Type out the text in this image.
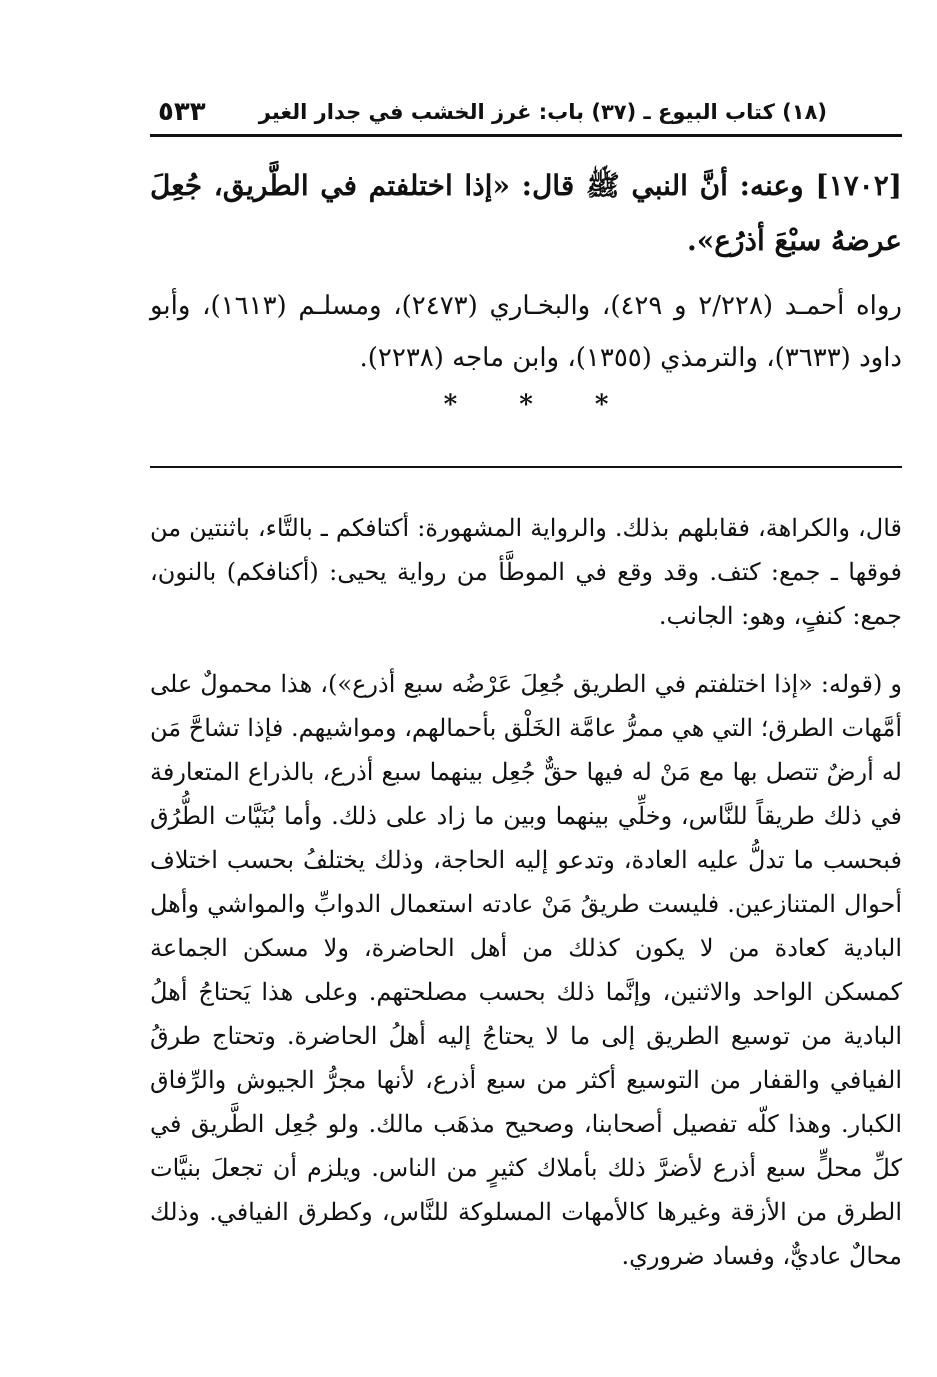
(١٨) كتاب البيوع ـ (٣٧) باب: غرز الخشب في جدار الغير
٥٣٣
[١٧٠٢] وعنه: أنَّ النبي ﷺ قال: «إذا اختلفتم في الطَّريق، جُعِلَ عرضهُ سبْعَ أذرُع».
رواه أحمـد (٢/٢٢٨ و ٤٢٩)، والبخـاري (٢٤٧٣)، ومسلـم (١٦١٣)، وأبو داود (٣٦٣٣)، والترمذي (١٣٥٥)، وابن ماجه (٢٢٣٨).
*
*
*

قال، والكراهة، فقابلهم بذلك. والرواية المشهورة: أكتافكم ـ بالتَّاء، باثنتين من فوقها ـ جمع: كتف. وقد وقع في الموطَّأ من رواية يحيى: (أكنافكم) بالنون، جمع: كنفٍ، وهو: الجانب.

و (قوله: «إذا اختلفتم في الطريق جُعِلَ عَرْضُه سبع أذرع»)، هذا محمولٌ على أمَّهات الطرق؛ التي هي ممرُّ عامَّة الخَلْق بأحمالهم، ومواشيهم. فإذا تشاحَّ مَن له أرضٌ تتصل بها مع مَنْ له فيها حقٌّ جُعِل بينهما سبع أذرع، بالذراع المتعارفة في ذلك طريقاً للنَّاس، وخلِّي بينهما وبين ما زاد على ذلك. وأما بُنَيَّات الطُّرُق فبحسب ما تدلُّ عليه العادة، وتدعو إليه الحاجة، وذلك يختلفُ بحسب اختلاف أحوال المتنازعين. فليست طريقُ مَنْ عادته استعمال الدوابِّ والمواشي وأهل البادية كعادة من لا يكون كذلك من أهل الحاضرة، ولا مسكن الجماعة كمسكن الواحد والاثنين، وإنَّما ذلك بحسب مصلحتهم. وعلى هذا يَحتاجُ أهلُ البادية من توسيع الطريق إلى ما لا يحتاجُ إليه أهلُ الحاضرة. وتحتاج طرقُ الفيافي والقفار من التوسيع أكثر من سبع أذرع، لأنها مجرُّ الجيوش والرِّفاق الكبار. وهذا كلّه تفصيل أصحابنا، وصحيح مذهَب مالك. ولو جُعِل الطَّريق في كلِّ محلٍّ سبع أذرع لأضرَّ ذلك بأملاك كثيرٍ من الناس. ويلزم أن تجعلَ بنيَّات الطرق من الأزقة وغيرها كالأمهات المسلوكة للنَّاس، وكطرق الفيافي. وذلك محالٌ عاديٌّ، وفساد ضروري.
